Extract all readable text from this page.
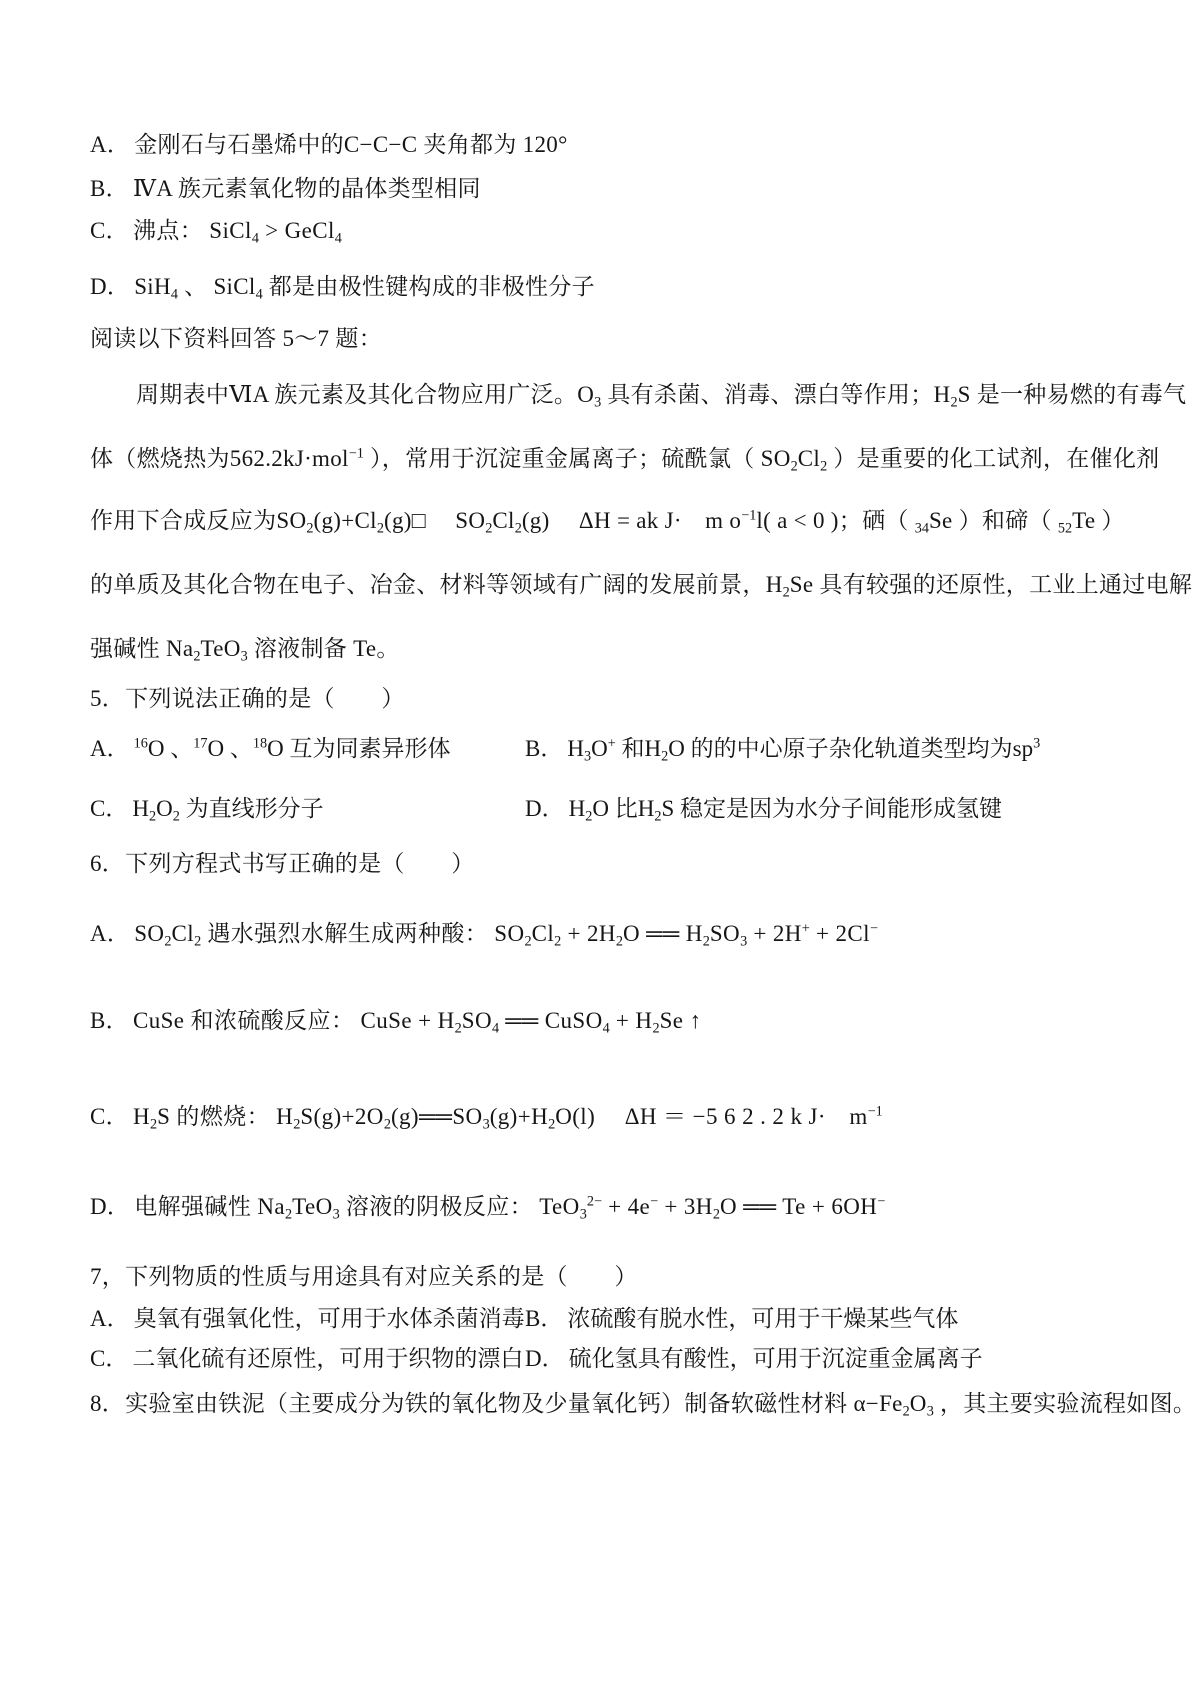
A． 金刚石与石墨烯中的C−C−C 夹角都为 120°
B． ⅣA 族元素氧化物的晶体类型相同
C． 沸点： SiCl$_4$ > GeCl$_4$
D． SiH$_4$ 、 SiCl$_4$ 都是由极性键构成的非极性分子
阅读以下资料回答 5～7 题：
周期表中ⅥA 族元素及其化合物应用广泛。$O_3$ 具有杀菌、消毒、漂白等作用；$H_2S$ 是一种易燃的有毒气
体（燃烧热为562.2kJ·mol$^{-1}$ ），常用于沉淀重金属离子；硫酰氯（ $SO_2Cl_2$ ）是重要的化工试剂，在催化剂
作用下合成反应为$SO_2(g)+Cl_2(g)□$　 $SO_2Cl_2(g)$　 ΔH = ak J·　m $o^{-1}l$( a < 0 )；硒（ $_{34}$Se ）和碲（ $_{52}$Te ）
的单质及其化合物在电子、冶金、材料等领域有广阔的发展前景，$H_2Se$ 具有较强的还原性，工业上通过电解
强碱性 $Na_2TeO_3$ 溶液制备 Te。
5．下列说法正确的是（　　）
A． $^{16}$O 、$^{17}$O 、$^{18}$O 互为同素异形体	B． $H_3O^+$ 和$H_2O$ 的的中心原子杂化轨道类型均为$sp^3$
C． $H_2O_2$ 为直线形分子	D． $H_2O$ 比$H_2S$ 稳定是因为水分子间能形成氢键
6．下列方程式书写正确的是（　　）
A． $SO_2Cl_2$ 遇水强烈水解生成两种酸： $SO_2Cl_2 + 2H_2O$ ══ $H_2SO_3 + 2H^+ + 2Cl^-$
B． CuSe 和浓硫酸反应： CuSe + $H_2SO_4$ ══ CuSO$_4$ + $H_2Se$ ↑
C． $H_2S$ 的燃烧： $H_2S(g)+2O_2(g)══SO_3(g)+H_2O(l)$　 ΔH ＝ −5 6 2 . 2 k J·　$m^{-1}$
D． 电解强碱性 $Na_2TeO_3$ 溶液的阴极反应： $TeO_3^{2-} + 4e^- + 3H_2O$ ══ Te + 6OH−
7，下列物质的性质与用途具有对应关系的是（　　）
A． 臭氧有强氧化性，可用于水体杀菌消毒 B． 浓硫酸有脱水性，可用于干燥某些气体
C． 二氧化硫有还原性，可用于织物的漂白 D． 硫化氢具有酸性，可用于沉淀重金属离子
8．实验室由铁泥（主要成分为铁的氧化物及少量氧化钙）制备软磁性材料 $\alpha-Fe_2O_3$ ，其主要实验流程如图。
